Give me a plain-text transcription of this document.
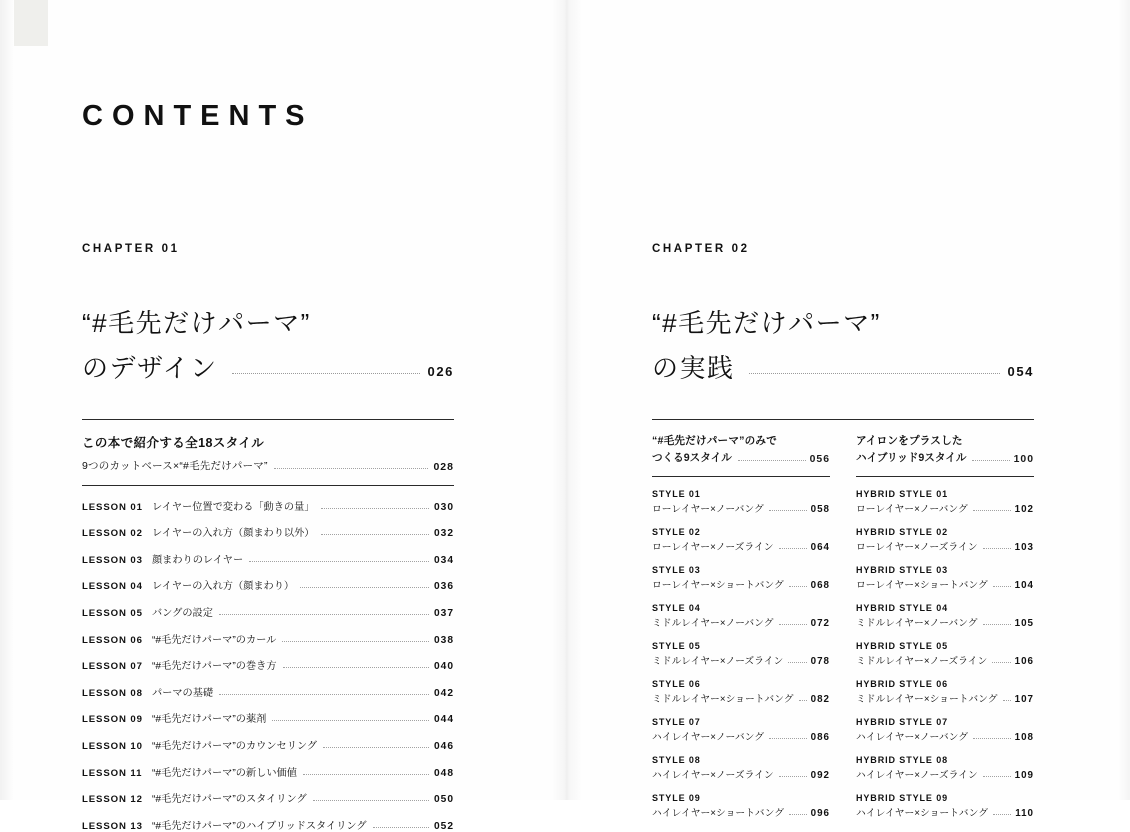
CONTENTS
CHAPTER 01
“#毛先だけパーマ”
のデザイン	026
この本で紹介する全18スタイル
9つのカットベース×“#毛先だけパーマ”	028
LESSON 01 レイヤー位置で変わる「動きの量」	030
LESSON 02 レイヤーの入れ方（顔まわり以外）	032
LESSON 03 顔まわりのレイヤー	034
LESSON 04 レイヤーの入れ方（顔まわり）	036
LESSON 05 バングの設定	037
LESSON 06 “#毛先だけパーマ”のカール	038
LESSON 07 “#毛先だけパーマ”の巻き方	040
LESSON 08 パーマの基礎	042
LESSON 09 “#毛先だけパーマ”の薬剤	044
LESSON 10 “#毛先だけパーマ”のカウンセリング	046
LESSON 11 “#毛先だけパーマ”の新しい価値	048
LESSON 12 “#毛先だけパーマ”のスタイリング	050
LESSON 13 “#毛先だけパーマ”のハイブリッドスタイリング	052
CHAPTER 02
“#毛先だけパーマ”
の実践	054
“#毛先だけパーマ”のみで
つくる9スタイル	056
STYLE 01
ローレイヤー×ノーバング	058
STYLE 02
ローレイヤー×ノーズライン	064
STYLE 03
ローレイヤー×ショートバング	068
STYLE 04
ミドルレイヤー×ノーバング	072
STYLE 05
ミドルレイヤー×ノーズライン	078
STYLE 06
ミドルレイヤー×ショートバング 082
STYLE 07
ハイレイヤー×ノーバング	086
STYLE 08
ハイレイヤー×ノーズライン	092
STYLE 09
ハイレイヤー×ショートバング	096
アイロンをプラスした
ハイブリッド9スタイル	100
HYBRID STYLE 01
ローレイヤー×ノーバング	102
HYBRID STYLE 02
ローレイヤー×ノーズライン	103
HYBRID STYLE 03
ローレイヤー×ショートバング	104
HYBRID STYLE 04
ミドルレイヤー×ノーバング	105
HYBRID STYLE 05
ミドルレイヤー×ノーズライン	106
HYBRID STYLE 06
ミドルレイヤー×ショートバング 107
HYBRID STYLE 07
ハイレイヤー×ノーバング	108
HYBRID STYLE 08
ハイレイヤー×ノーズライン	109
HYBRID STYLE 09
ハイレイヤー×ショートバング	110
